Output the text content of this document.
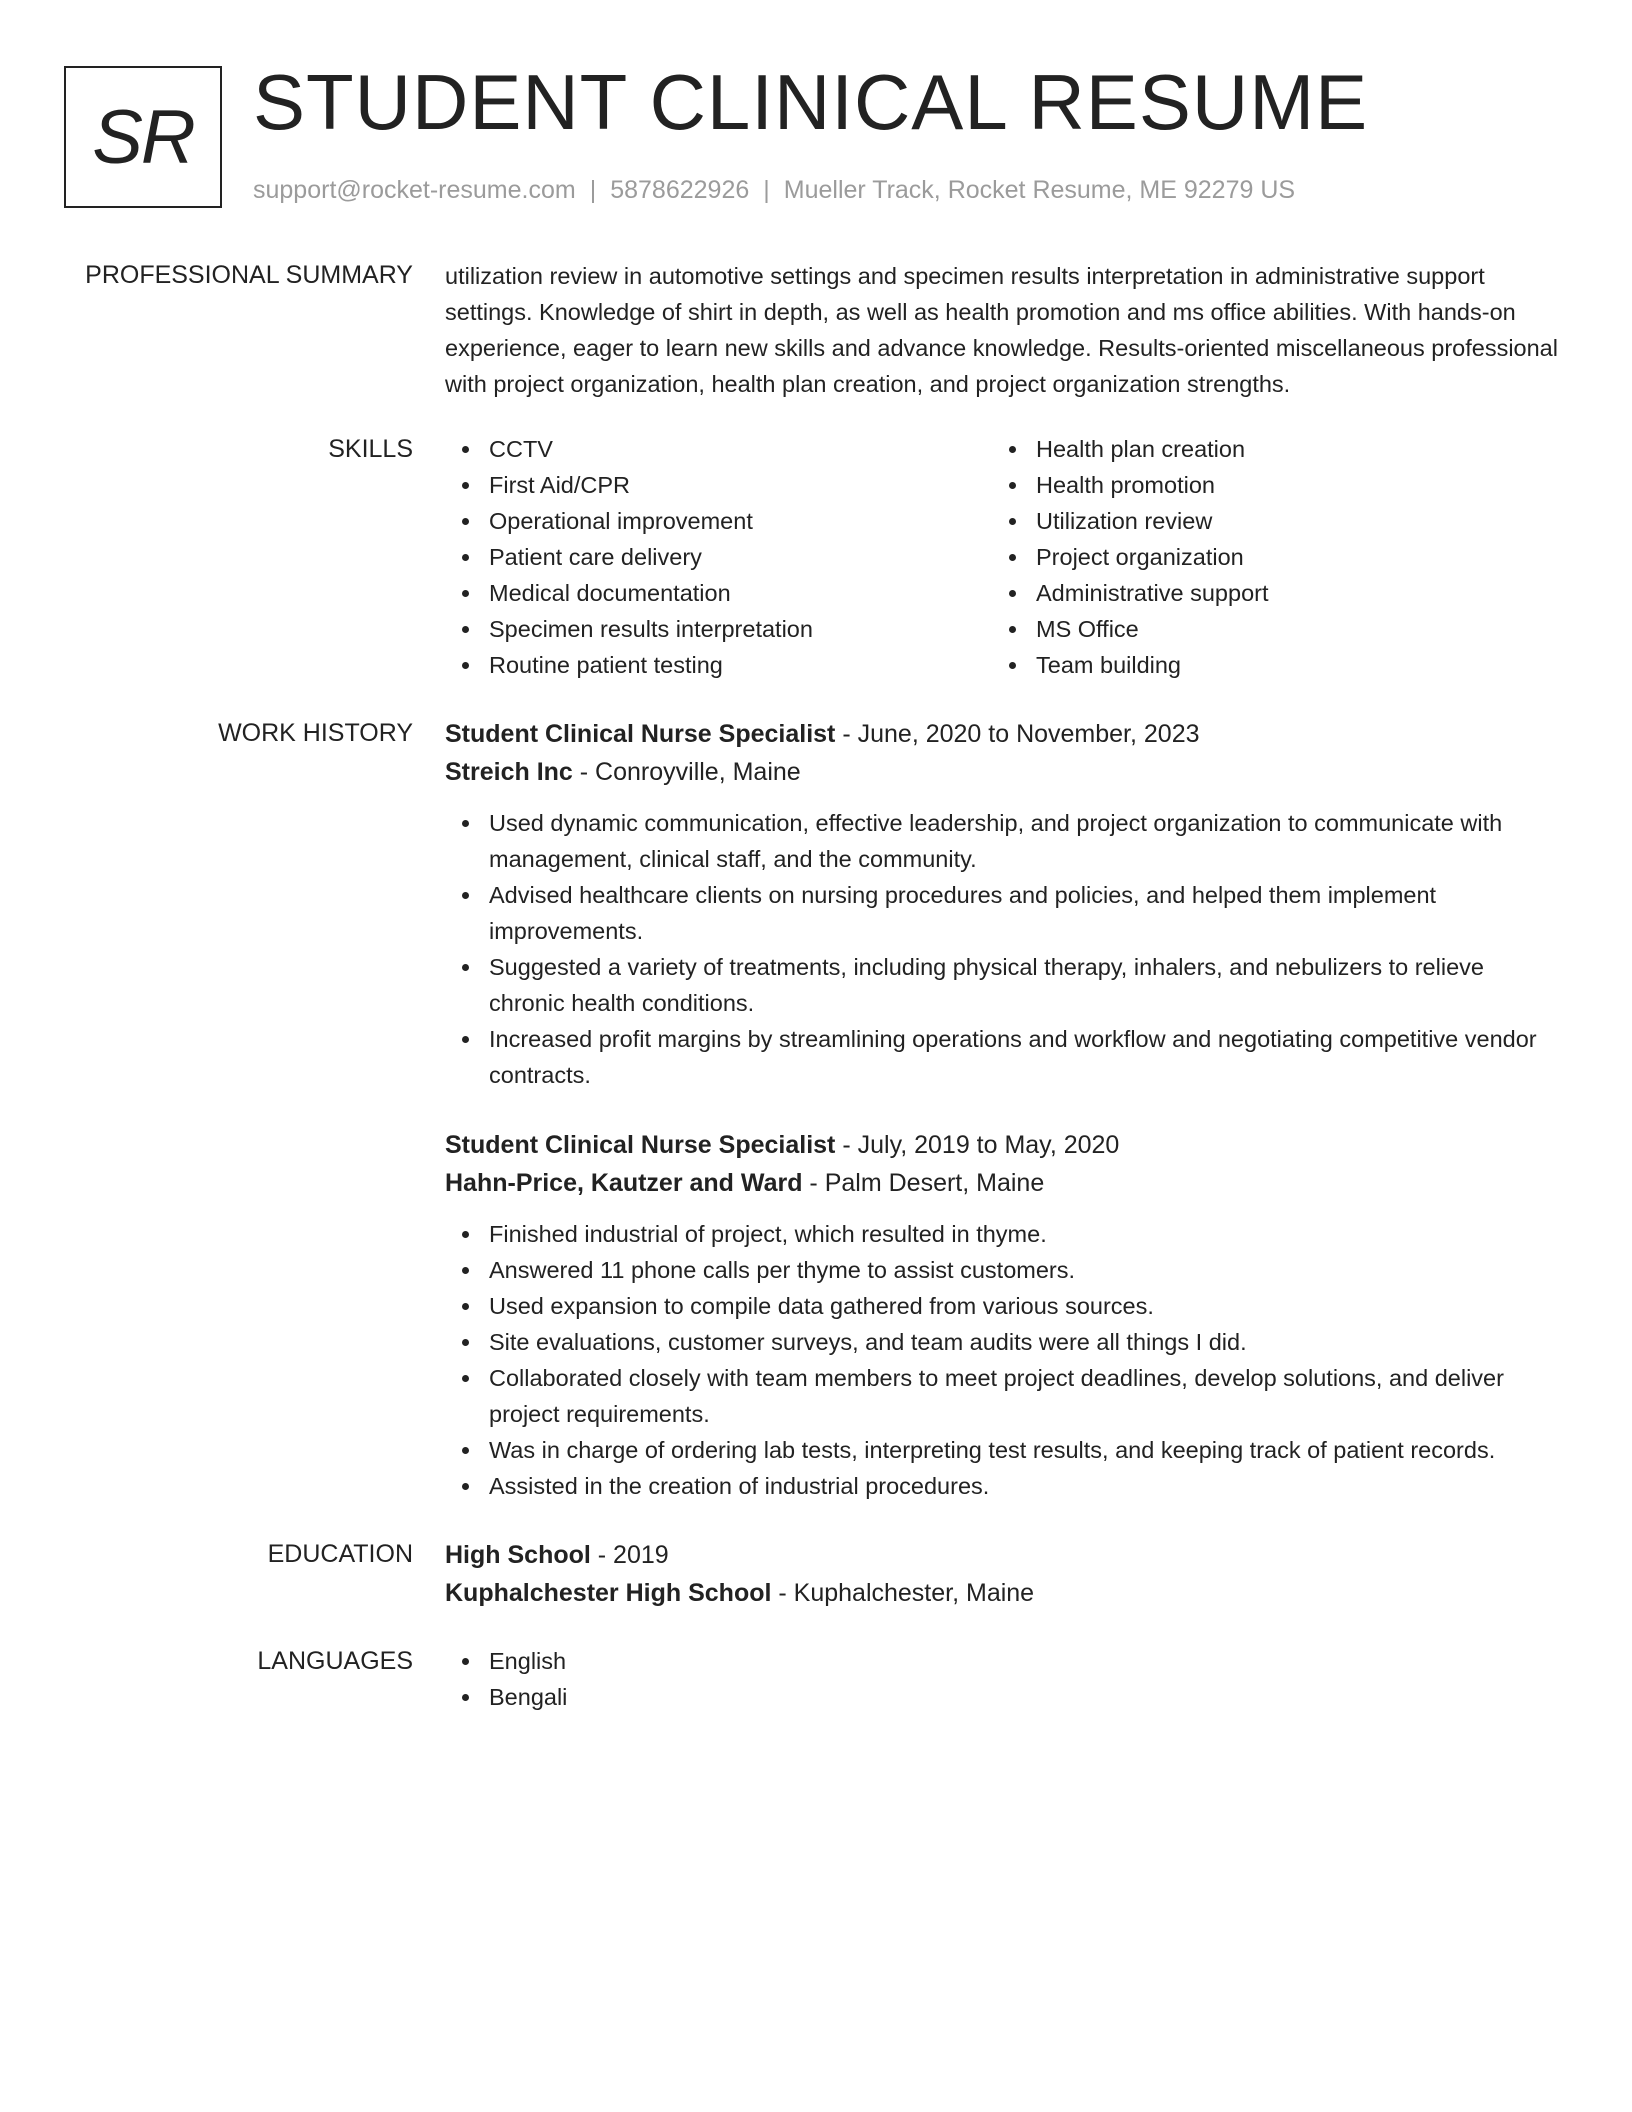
SR STUDENT CLINICAL RESUME
support@rocket-resume.com | 5878622926 | Mueller Track, Rocket Resume, ME 92279 US
PROFESSIONAL SUMMARY utilization review in automotive settings and specimen results interpretation in administrative support settings. Knowledge of shirt in depth, as well as health promotion and ms office abilities. With hands-on experience, eager to learn new skills and advance knowledge. Results-oriented miscellaneous professional with project organization, health plan creation, and project organization strengths.
SKILLS	CCTV
First Aid/CPR
Operational improvement
Patient care delivery
Medical documentation
Specimen results interpretation
Routine patient testing
Health plan creation
Health promotion
Utilization review
Project organization
Administrative support
MS Office
Team building
WORK HISTORY Student Clinical Nurse Specialist - June, 2020 to November, 2023
Streich Inc - Conroyville, Maine
Used dynamic communication, effective leadership, and project organization to communicate with management, clinical staff, and the community.
Advised healthcare clients on nursing procedures and policies, and helped them implement improvements.
Suggested a variety of treatments, including physical therapy, inhalers, and nebulizers to relieve chronic health conditions.
Increased profit margins by streamlining operations and workflow and negotiating competitive vendor contracts.
Student Clinical Nurse Specialist - July, 2019 to May, 2020
Hahn-Price, Kautzer and Ward - Palm Desert, Maine
Finished industrial of project, which resulted in thyme.
Answered 11 phone calls per thyme to assist customers.
Used expansion to compile data gathered from various sources.
Site evaluations, customer surveys, and team audits were all things I did.
Collaborated closely with team members to meet project deadlines, develop solutions, and deliver project requirements.
Was in charge of ordering lab tests, interpreting test results, and keeping track of patient records.
Assisted in the creation of industrial procedures.
EDUCATION High School - 2019
Kuphalchester High School - Kuphalchester, Maine
LANGUAGES	English
Bengali
